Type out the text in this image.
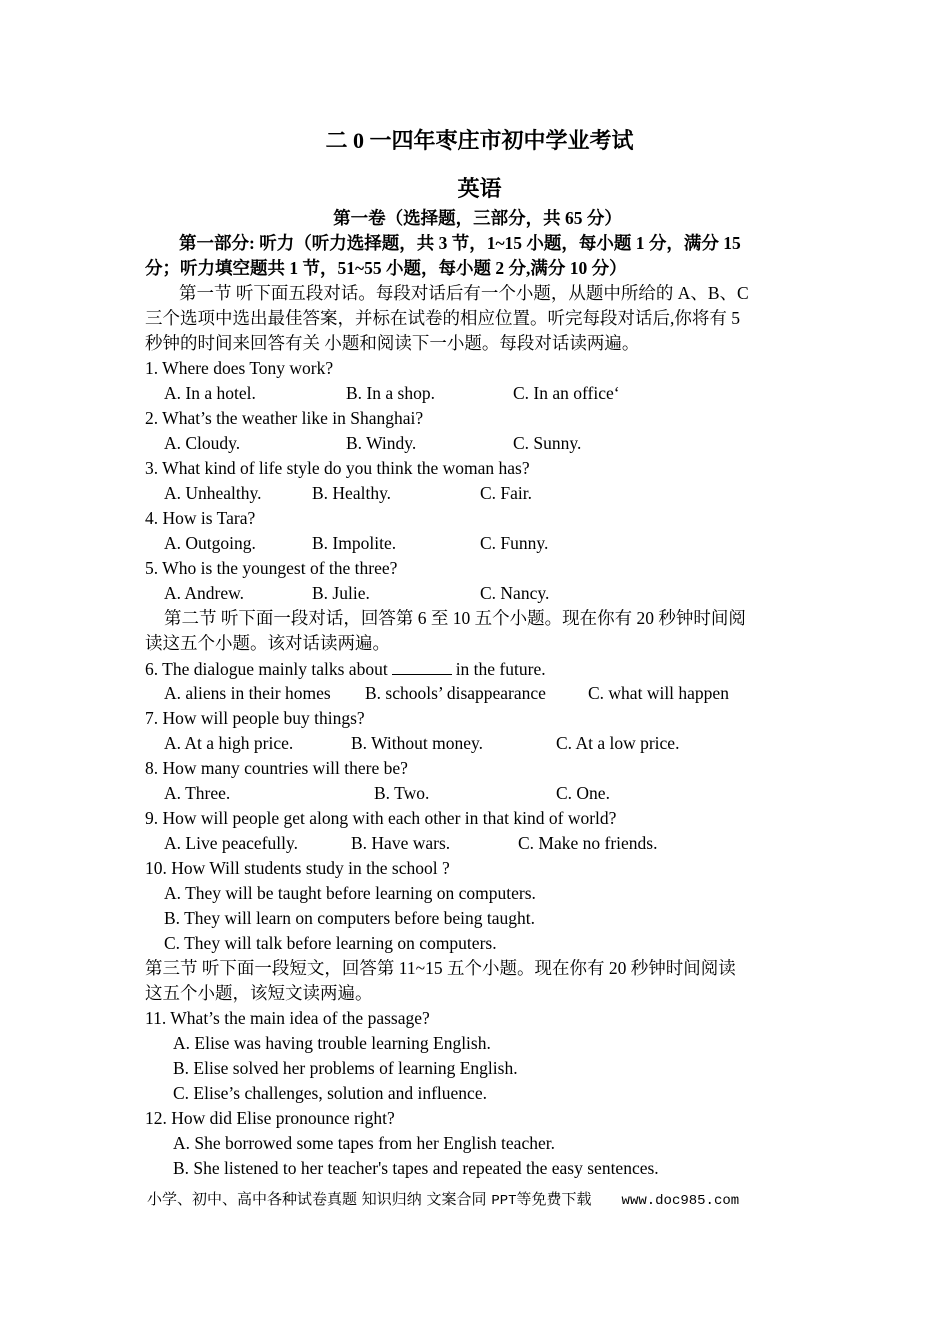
二 0 一四年枣庄市初中学业考试
英语
第一卷（选择题，三部分，共 65 分）
第一部分: 听力（听力选择题，共 3 节，1~15 小题，每小题 1 分，满分 15
分；听力填空题共 1 节，51~55 小题，每小题 2 分,满分 10 分）
第一节 听下面五段对话。每段对话后有一个小题，从题中所给的 A、B、C
三个选项中选出最佳答案，并标在试卷的相应位置。听完每段对话后,你将有 5
秒钟的时间来回答有关 小题和阅读下一小题。每段对话读两遍。
1. Where does Tony work?
A. In a hotel.	B. In a shop.	C. In an office‘
2. What’s the weather like in Shanghai?
A. Cloudy.	B. Windy.	C. Sunny.
3. What kind of life style do you think the woman has?
A. Unhealthy.	B. Healthy.	C. Fair.
4. How is Tara?
A. Outgoing.	B. Impolite.	C. Funny.
5. Who is the youngest of the three?
A. Andrew.	B. Julie.	C. Nancy.
第二节 听下面一段对话，回答第 6 至 10 五个小题。现在你有 20 秒钟时间阅
读这五个小题。该对话读两遍。
6. The dialogue mainly talks about	in the future.
A. aliens in their homes	B. schools’ disappearance	C. what will happen
7. How will people buy things?
A. At a high price.	B. Without money.	C. At a low price.
8. How many countries will there be?
A. Three.	B. Two.	C. One.
9. How will people get along with each other in that kind of world?
A. Live peacefully.	B. Have wars.	C. Make no friends.
10. How Will students study in the school ?
A. They will be taught before learning on computers.
B. They will learn on computers before being taught.
C. They will talk before learning on computers.
第三节 听下面一段短文，回答第 11~15 五个小题。现在你有 20 秒钟时间阅读
这五个小题，该短文读两遍。
11. What’s the main idea of the passage?
A. Elise was having trouble learning English.
B. Elise solved her problems of learning English.
C. Elise’s challenges, solution and influence.
12. How did Elise pronounce right?
A. She borrowed some tapes from her English teacher.
B. She listened to her teacher's tapes and repeated the easy sentences.
小学、初中、高中各种试卷真题 知识归纳 文案合同 PPT等免费下载 www.doc985.com
